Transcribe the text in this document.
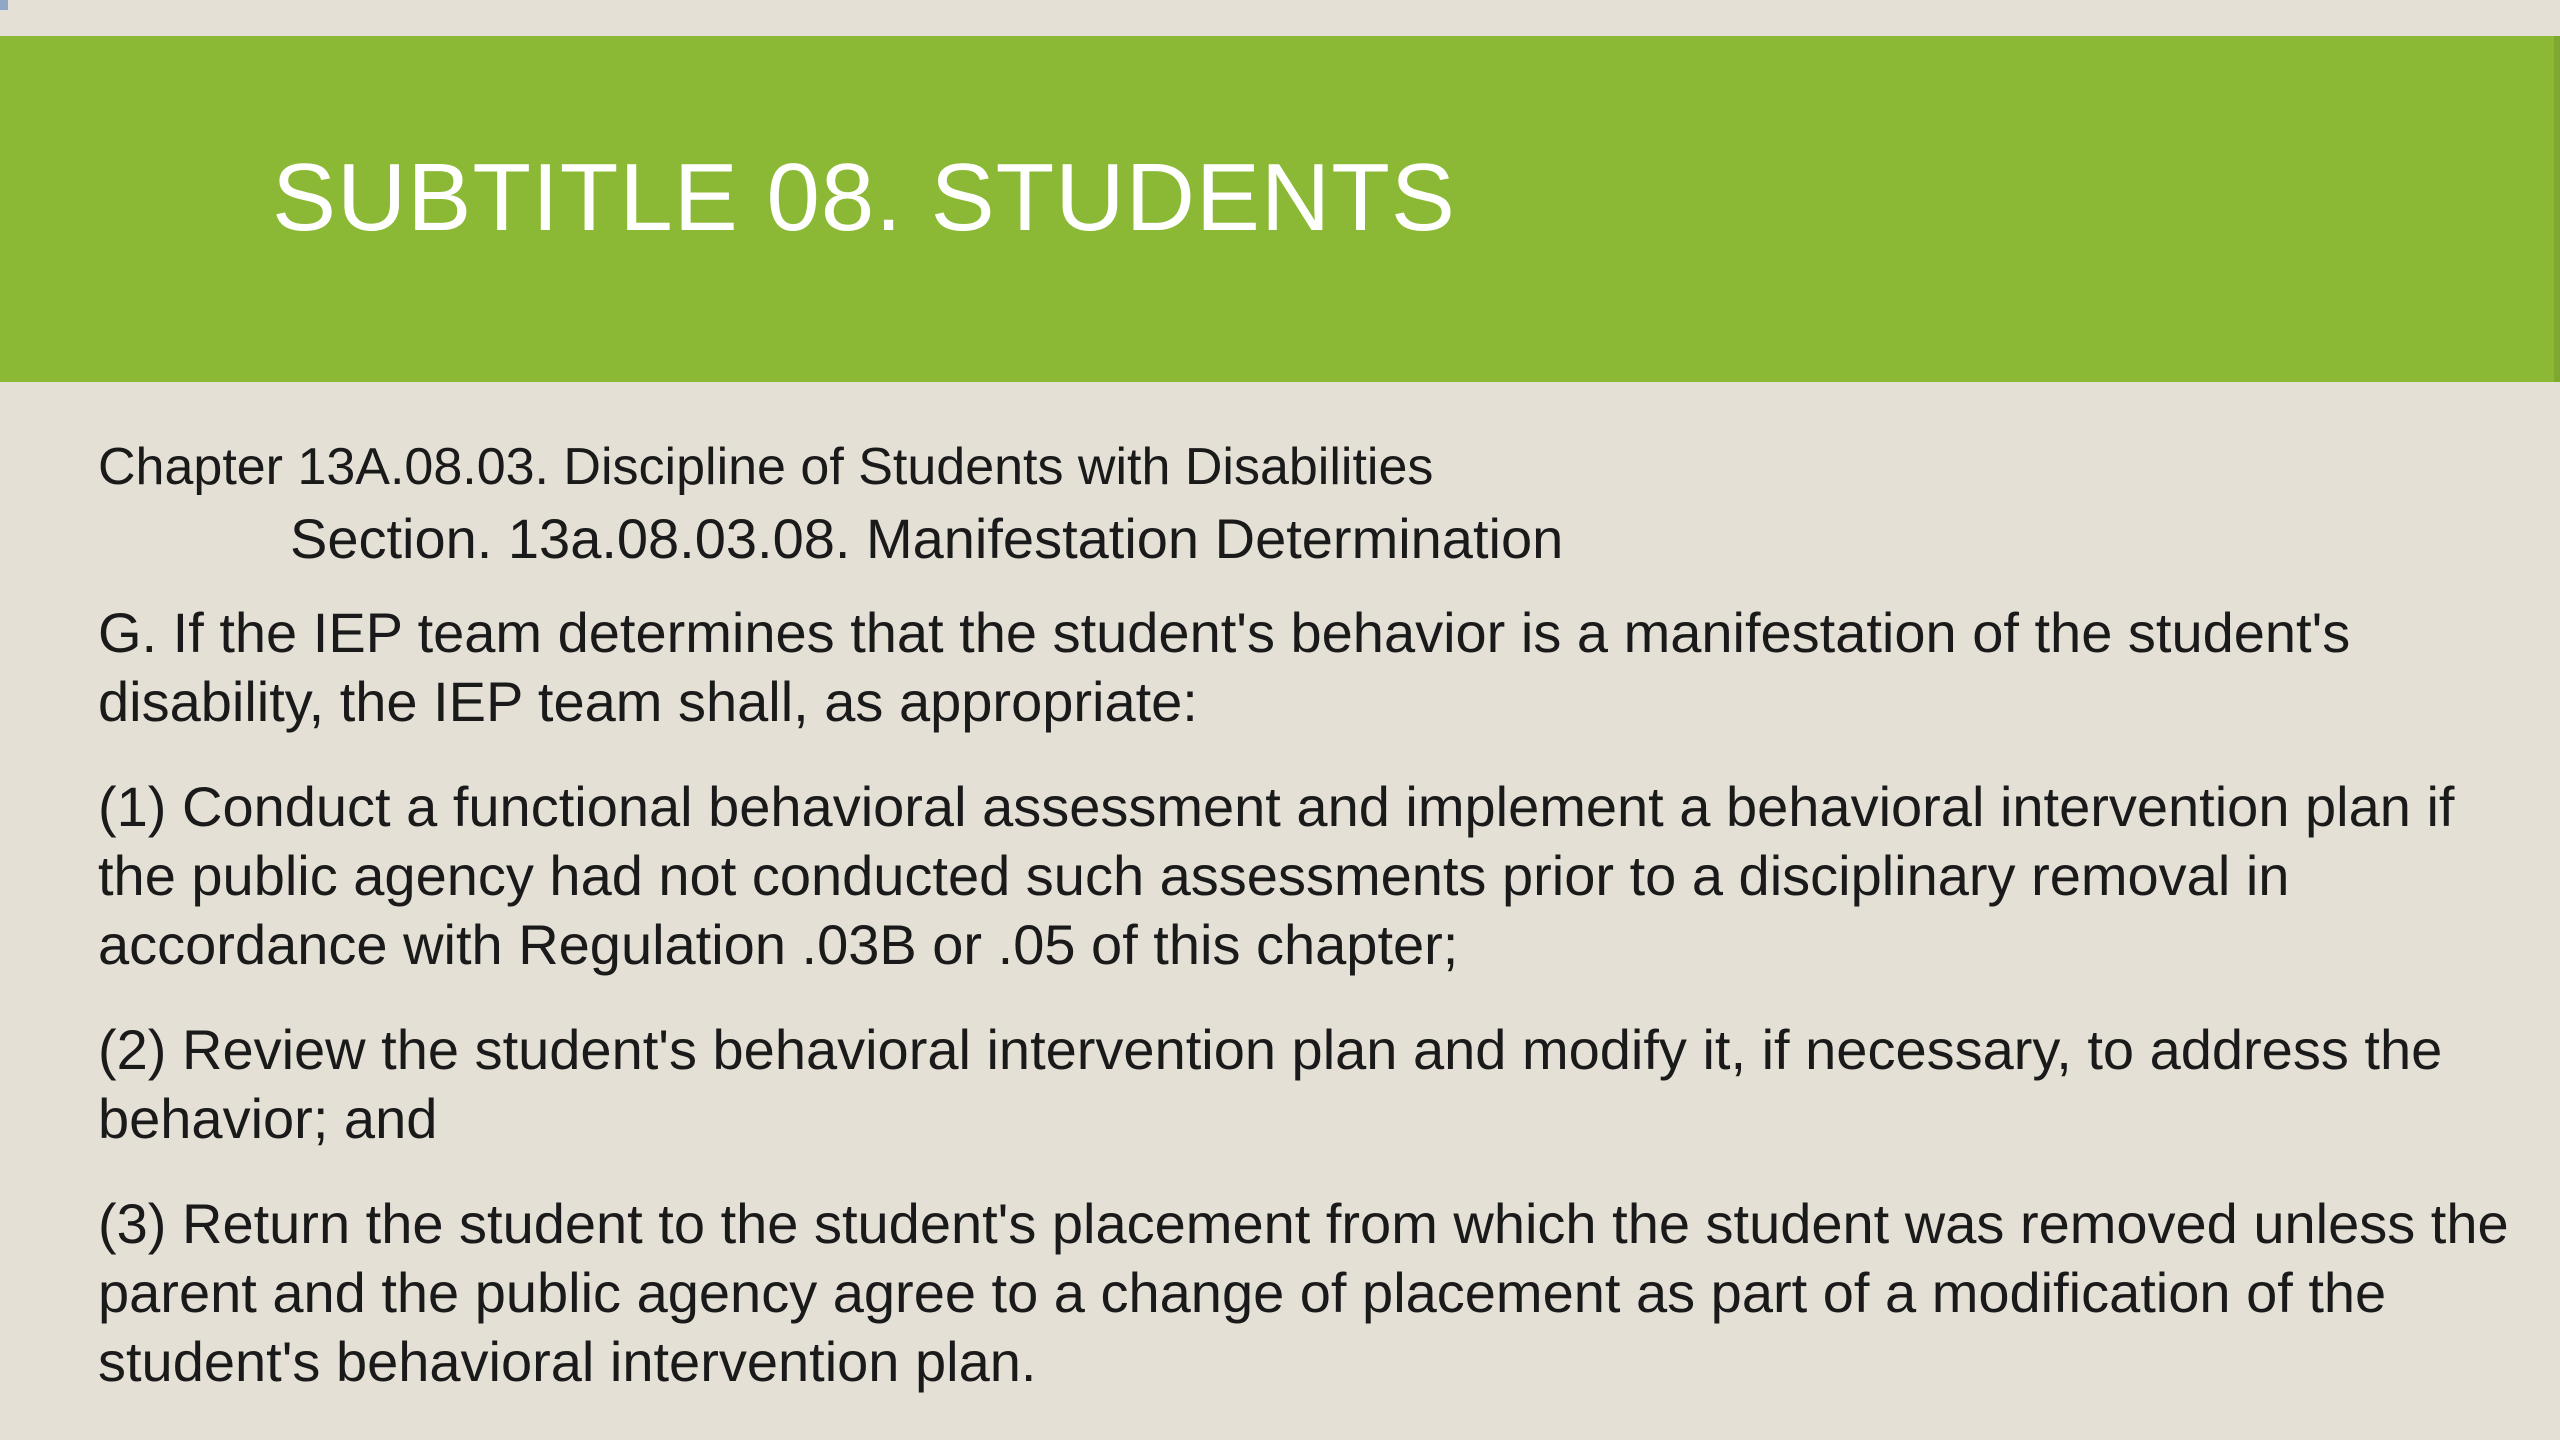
SUBTITLE 08. STUDENTS

Chapter 13A.08.03. Discipline of Students with Disabilities

Section. 13a.08.03.08. Manifestation Determination

G. If the IEP team determines that the student's behavior is a manifestation of the student's disability, the IEP team shall, as appropriate:

(1) Conduct a functional behavioral assessment and implement a behavioral intervention plan if the public agency had not conducted such assessments prior to a disciplinary removal in accordance with Regulation .03B or .05 of this chapter;

(2) Review the student's behavioral intervention plan and modify it, if necessary, to address the behavior; and

(3) Return the student to the student's placement from which the student was removed unless the parent and the public agency agree to a change of placement as part of a modification of the student's behavioral intervention plan.
